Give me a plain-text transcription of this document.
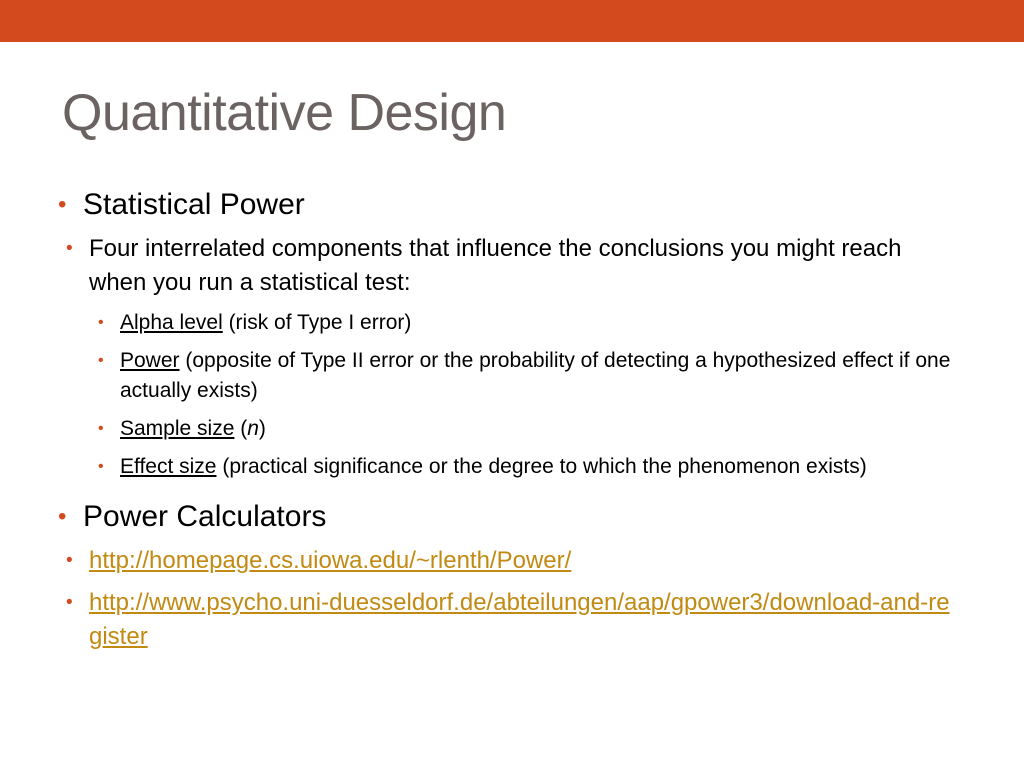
Quantitative Design
• Statistical Power
• Four interrelated components that influence the conclusions you might reach when you run a statistical test:
• Alpha level (risk of Type I error)
• Power (opposite of Type II error or the probability of detecting a hypothesized effect if one actually exists)
• Sample size (n)
• Effect size (practical significance or the degree to which the phenomenon exists)
• Power Calculators
• http://homepage.cs.uiowa.edu/~rlenth/Power/
• http://www.psycho.uni-duesseldorf.de/abteilungen/aap/gpower3/download-and-register
